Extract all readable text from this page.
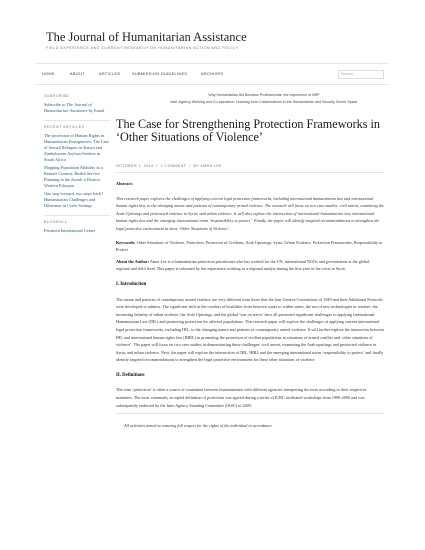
The Journal of Humanitarian Assistance
FIELD EXPERIENCE AND CURRENT RESEARCH ON HUMANITARIAN ACTION AND POLICY
HOME	ABOUT	ARTICLES	SUBMISSION GUIDELINES	ARCHIVES	Search
SUBSCRIBE
Subscribe to The Journal of Humanitarian Assistance by Email
RECENT ARTICLES
The protection of Human Rights in Humanitarian Emergencies: The Case of Somali Refugees in Kenya and Zimbabwean Asylum-Seekers in South Africa
Mapping Population Mobility in a Remote Context: Health Service Planning in the Awash-a District, Western Ethiopia
One step forward, two steps back? Humanitarian Challenges and Dilemmas in Crisis Settings
BLOGROLL
Feinstein International Center
Why Humanitarian Aid Because Professionals: the experience of NRP
Inter-Agency Working and Co-operation: Learning from Collaborations in the Humanitarian and Security Sector Space
The Case for Strengthening Protection Frameworks in ‘Other Situations of Violence’
OCTOBER 1, 2014 / 1 COMMENT / BY AMRA LEE

Abstract:

This research paper explores the challenges of applying current legal protection frameworks, including international humanitarian law and international human rights law, to the changing nature and patterns of contemporary armed violence. The research will focus on two case studies: civil unrest, examining the Arab Uprisings and protracted violence in Syria; and urban violence. It will also explore the intersection of international humanitarian law, international human rights law and the emerging international norm ‘responsibility to protect’. Finally, the paper will identify targeted recommendations to strengthen the legal protective environment in these ‘Other Situations of Violence’.

Keywords: Other Situations of Violence, Protection, Protection of Civilians, Arab Uprisings, Syria, Urban Violence, Protection Frameworks, Responsibility to Protect

About the Author: Amra Lee is a humanitarian protection practitioner who has worked for the UN, international NGOs and governments at the global, regional and field level. This paper is informed by her experience working as a regional analyst during the first year of the crisis in Syria.

I. Introduction

The nature and patterns of contemporary armed violence are very different from those that the four Geneva Conventions of 1949 and their Additional Protocols were developed to address. The significant shift in the conduct of hostilities from between states to within states, the use of new technologies in warfare, the increasing lethality of urban violence, the Arab Uprisings, and the global ‘war on terror’ have all presented significant challenges to applying International Humanitarian Law (IHL) and promoting protection for affected populations. This research paper will explore the challenges of applying current international legal protection frameworks, including IHL, to the changing nature and patterns of contemporary armed violence. It will further explore the interaction between IHL and international human rights law (IHRL) in promoting the protection of civilian populations in situations of armed conflict and ‘other situations of violence’. The paper will focus on two case studies in demonstrating these challenges: civil unrest, examining the Arab uprisings and protracted violence in Syria; and urban violence. Next, the paper will explore the intersection of IHL, IHRL and the emerging international norm ‘responsibility to protect’ and finally identify targeted recommendations to strengthen the legal protective environment for these other situations of violence.

II. Definitions

The term ‘protection’ is often a source of contention between humanitarians with different agencies interpreting the term according to their respective mandates. The most commonly accepted definition of protection was agreed during a series of ICRC facilitated workshops from 1996-2000 and was subsequently endorsed by the Inter Agency Standing Committee (IASC) in 2005:

All activities aimed at ensuring full respect for the rights of the individual in accordance
